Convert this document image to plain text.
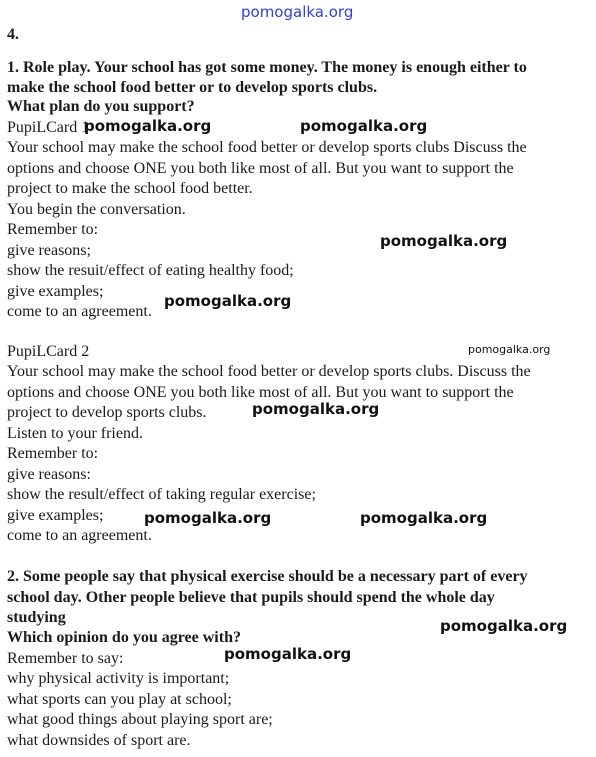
pomogalka.org
4.
1. Role play. Your school has got some money. The money is enough either to
make the school food better or to develop sports clubs.
What plan do you support?
PupiLCard 1
Your school may make the school food better or develop sports clubs Discuss the
options and choose ONE you both like most of all. But you want to support the
project to make the school food better.
You begin the conversation.
Remember to:
give reasons;
show the resuit/effect of eating healthy food;
give examples;
come to an agreement.
PupiLCard 2
Your school may make the school food better or develop sports clubs. Discuss the
options and choose ONE you both like most of all. But you want to support the
project to develop sports clubs.
Listen to your friend.
Remember to:
give reasons:
show the result/effect of taking regular exercise;
give examples;
come to an agreement.
2. Some people say that physical exercise should be a necessary part of every
school day. Other people believe that pupils should spend the whole day
studying
Which opinion do you agree with?
Remember to say:
why physical activity is important;
what sports can you play at school;
what good things about playing sport are;
what downsides of sport are.
pomogalka.org	pomogalka.org
pomogalka.org
pomogalka.org
pomogalka.org
pomogalka.org
pomogalka.org	pomogalka.org
pomogalka.org
pomogalka.org
